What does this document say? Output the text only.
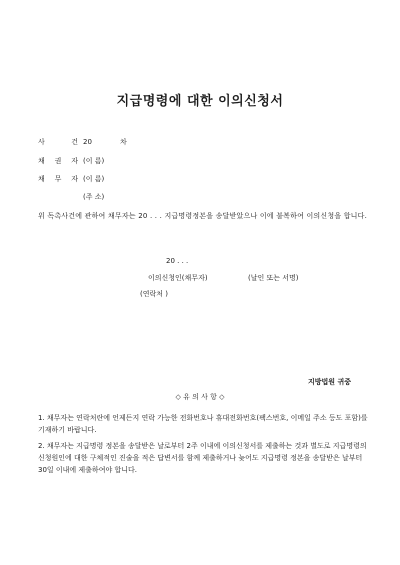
지급명령에 대한 이의신청서
사	건 20	차
채 권 자 (이 름)
채 무 자 (이 름)
(주 소)
위 독촉사건에 관하여 채무자는 20 . . . 지급명령정본을 송달받았으나 이에 불복하여 이의신청을 합니다.
20 . . .
이의신청인(채무자)	(날인 또는 서명)
(연락처 )
지방법원 귀중
◇ 유 의 사 항 ◇
1. 채무자는 연락처란에 언제든지 연락 가능한 전화번호나 휴대전화번호(팩스번호, 이메일 주소 등도 포함)를 기재하기 바랍니다.
2. 채무자는 지급명령 정본을 송달받은 날로부터 2주 이내에 이의신청서를 제출하는 것과 별도로 지급명령의 신청원인에 대한 구체적인 진술을 적은 답변서를 함께 제출하거나 늦어도 지급명령 정본을 송달받은 날부터 30일 이내에 제출하여야 합니다.
